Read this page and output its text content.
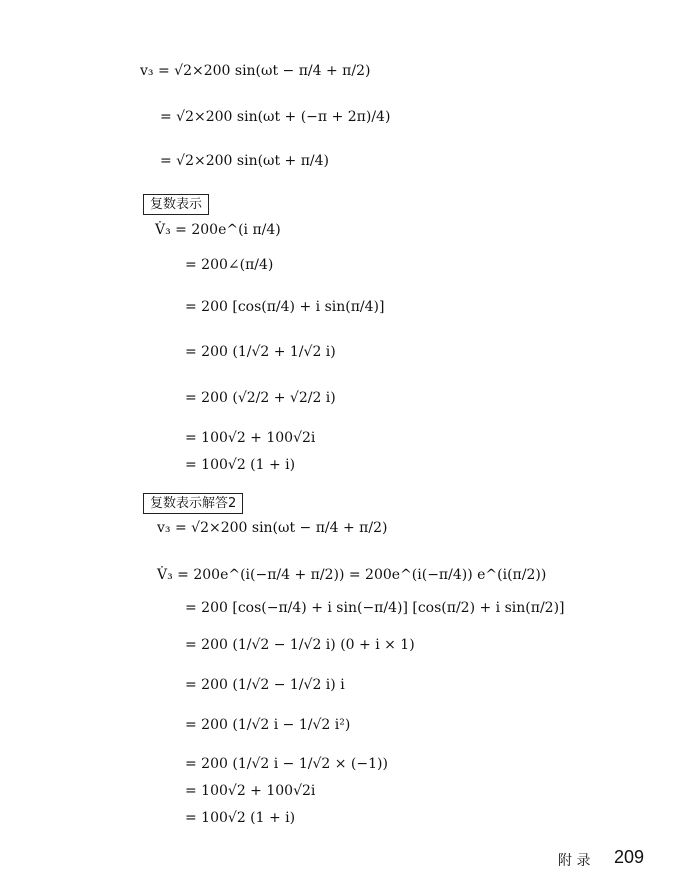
v₃ = √2×200 sin(ωt − π/4 + π/2)
= √2×200 sin(ωt + (−π + 2π)/4)
= √2×200 sin(ωt + π/4)
复数表示
V̇₃ = 200e^(i π/4)
= 200∠(π/4)
= 200 [cos(π/4) + i sin(π/4)]
= 200 (1/√2 + 1/√2 i)
= 200 (√2/2 + √2/2 i)
= 100√2 + 100√2i
= 100√2 (1 + i)
复数表示解答2
v₃ = √2×200 sin(ωt − π/4 + π/2)
V̇₃ = 200e^(i(−π/4 + π/2)) = 200e^(i(−π/4)) e^(i(π/2))
= 200 [cos(−π/4) + i sin(−π/4)] [cos(π/2) + i sin(π/2)]
= 200 (1/√2 − 1/√2 i) (0 + i × 1)
= 200 (1/√2 − 1/√2 i) i
= 200 (1/√2 i − 1/√2 i²)
= 200 (1/√2 i − 1/√2 × (−1))
= 100√2 + 100√2i
= 100√2 (1 + i)
附 录 209
